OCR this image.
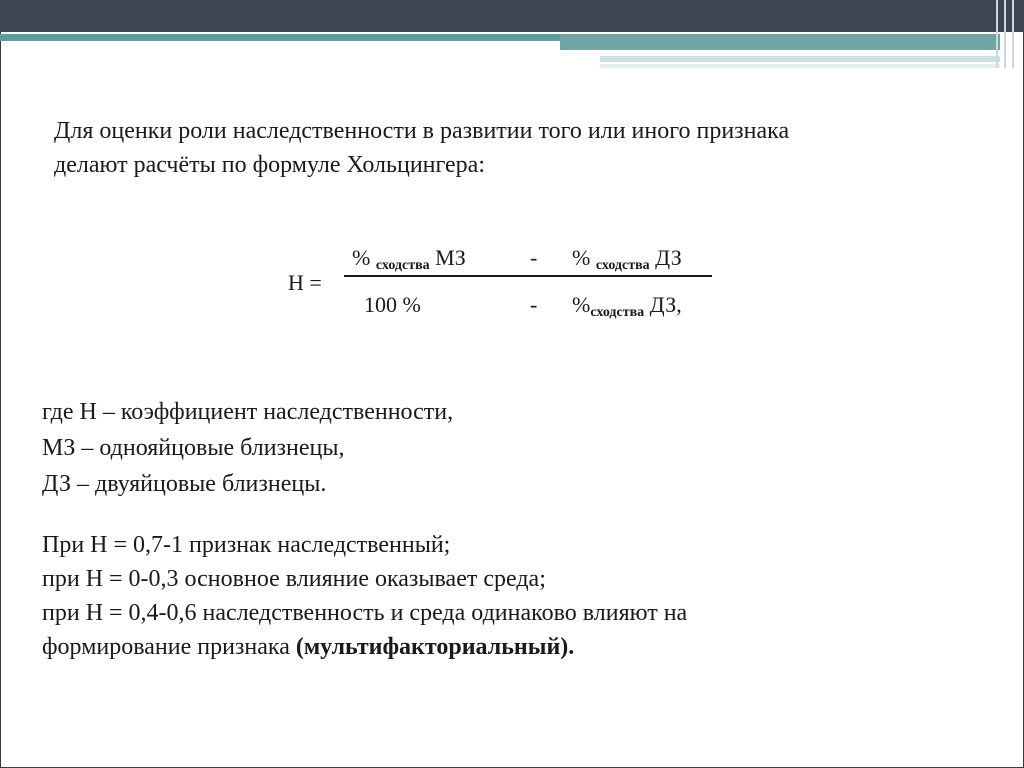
Для оценки роли наследственности в развитии того или иного признака
делают расчёты по формуле Хольцингера:
Н =
% $_{сходства}$ МЗ	- % $_{сходства}$ ДЗ
100 %	- $\%_{сходства}$ ДЗ,
где Н – коэффициент наследственности,
МЗ – однояйцовые близнецы,
ДЗ – двуяйцовые близнецы.
При Н = 0,7-1 признак наследственный;
при Н = 0-0,3 основное влияние оказывает среда;
при Н = 0,4-0,6 наследственность и среда одинаково влияют на
формирование признака (мультифакториальный).
